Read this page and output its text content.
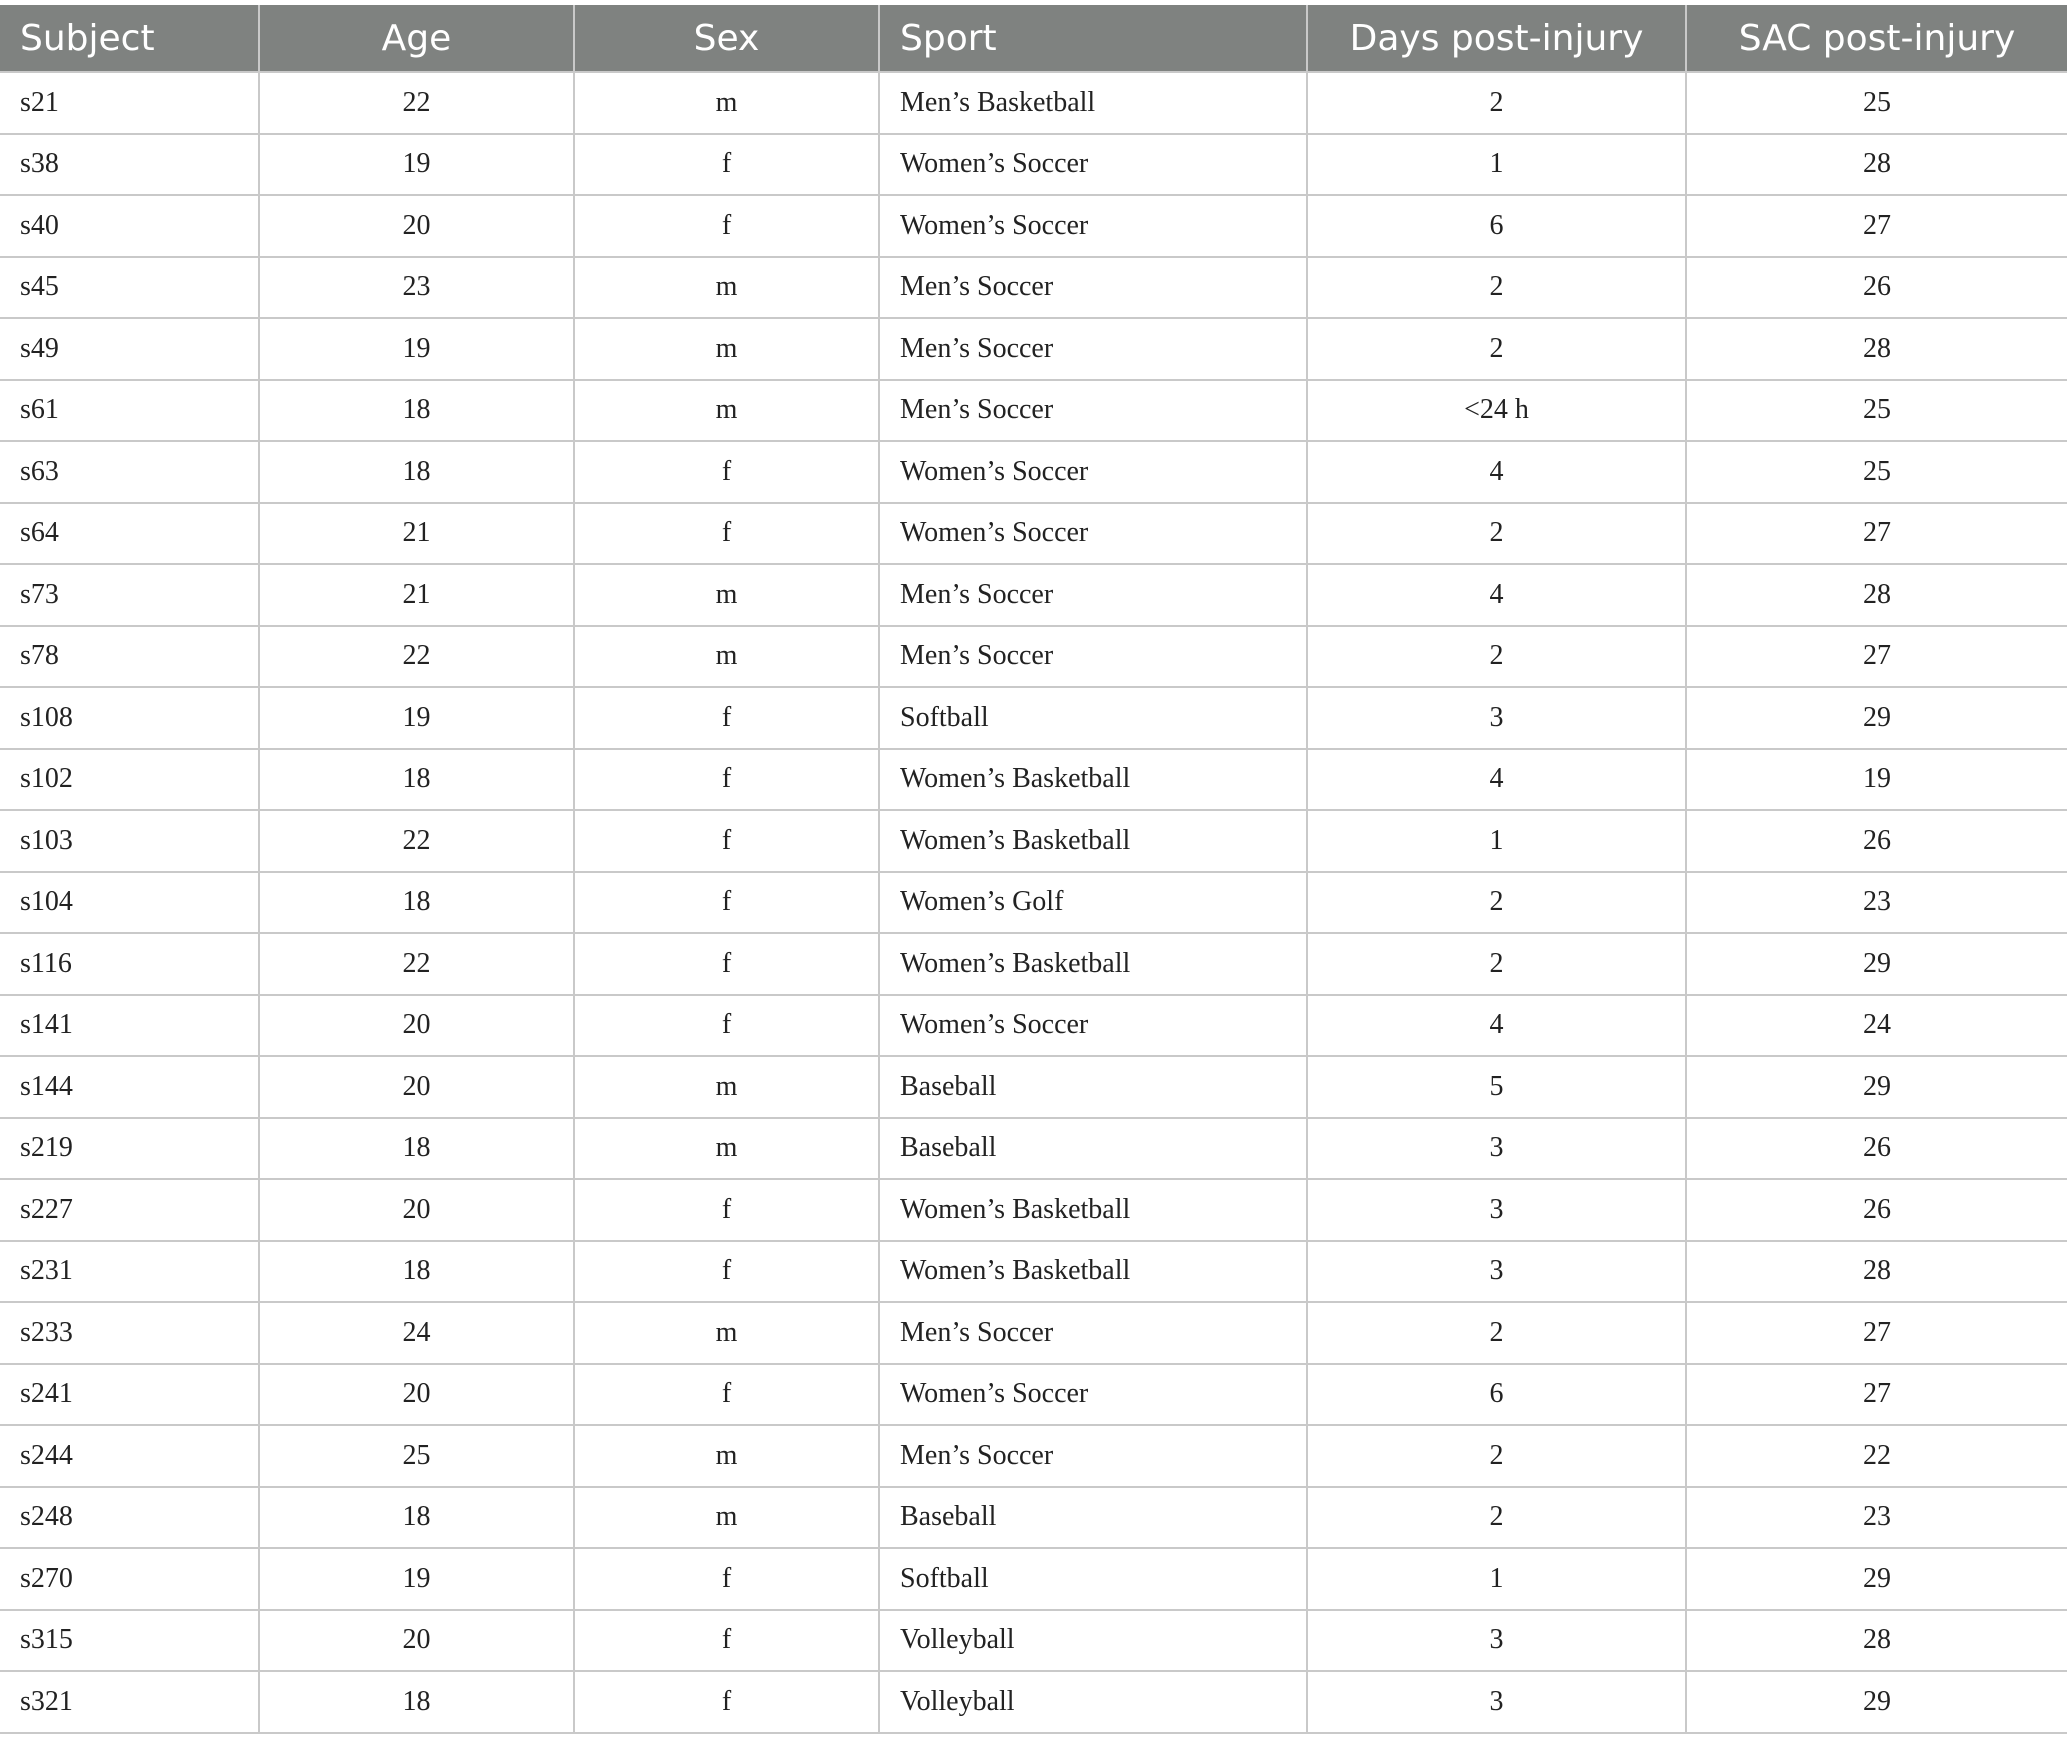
Subject	Age	Sex	Sport	Days post-injury	SAC post-injury
s21	22	m	Men’s Basketball	2	25
s38	19	f	Women’s Soccer	1	28
s40	20	f	Women’s Soccer	6	27
s45	23	m	Men’s Soccer	2	26
s49	19	m	Men’s Soccer	2	28
s61	18	m	Men’s Soccer	<24 h	25
s63	18	f	Women’s Soccer	4	25
s64	21	f	Women’s Soccer	2	27
s73	21	m	Men’s Soccer	4	28
s78	22	m	Men’s Soccer	2	27
s108	19	f	Softball	3	29
s102	18	f	Women’s Basketball	4	19
s103	22	f	Women’s Basketball	1	26
s104	18	f	Women’s Golf	2	23
s116	22	f	Women’s Basketball	2	29
s141	20	f	Women’s Soccer	4	24
s144	20	m	Baseball	5	29
s219	18	m	Baseball	3	26
s227	20	f	Women’s Basketball	3	26
s231	18	f	Women’s Basketball	3	28
s233	24	m	Men’s Soccer	2	27
s241	20	f	Women’s Soccer	6	27
s244	25	m	Men’s Soccer	2	22
s248	18	m	Baseball	2	23
s270	19	f	Softball	1	29
s315	20	f	Volleyball	3	28
s321	18	f	Volleyball	3	29
